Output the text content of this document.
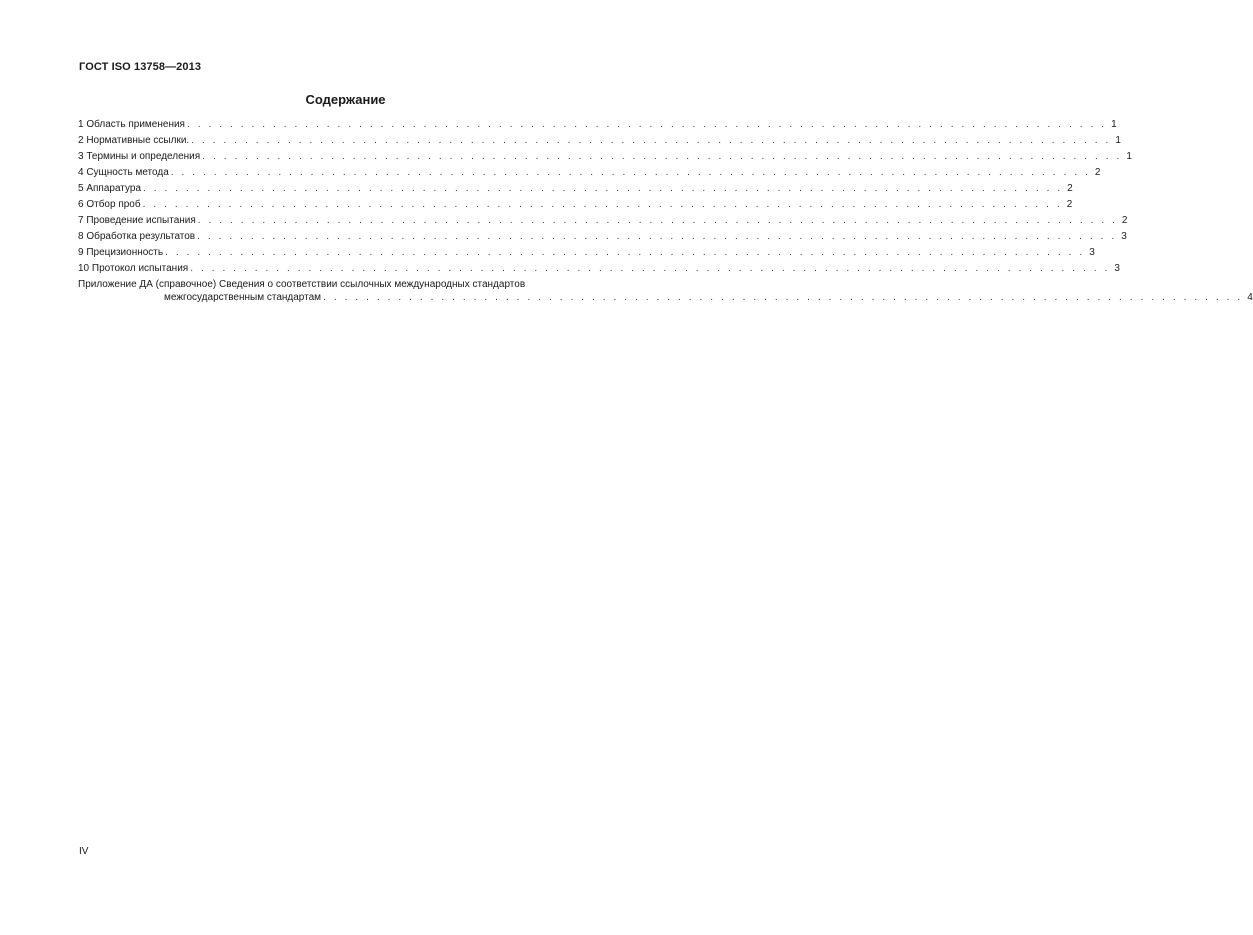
ГОСТ ISO 13758—2013
Содержание
1 Область применения . . . . . . . . . . . . . . . . . . . . . . . . . . . . . . . . . . . . . . . . . . . . . . . . . . . . . . . . . . . . . . . . . . . . . . . . . . . . . . . . . . . . . . 1
2 Нормативные ссылки. . . . . . . . . . . . . . . . . . . . . . . . . . . . . . . . . . . . . . . . . . . . . . . . . . . . . . . . . . . . . . . . . . . . . . . . . . . . . . . . . . . . . . . 1
3 Термины и определения . . . . . . . . . . . . . . . . . . . . . . . . . . . . . . . . . . . . . . . . . . . . . . . . . . . . . . . . . . . . . . . . . . . . . . . . . . . . . . . . . . . . . . 1
4 Сущность метода . . . . . . . . . . . . . . . . . . . . . . . . . . . . . . . . . . . . . . . . . . . . . . . . . . . . . . . . . . . . . . . . . . . . . . . . . . . . . . . . . . . . . . 2
5 Аппаратура . . . . . . . . . . . . . . . . . . . . . . . . . . . . . . . . . . . . . . . . . . . . . . . . . . . . . . . . . . . . . . . . . . . . . . . . . . . . . . . . . . . . . . 2
6 Отбор проб . . . . . . . . . . . . . . . . . . . . . . . . . . . . . . . . . . . . . . . . . . . . . . . . . . . . . . . . . . . . . . . . . . . . . . . . . . . . . . . . . . . . . . 2
7 Проведение испытания . . . . . . . . . . . . . . . . . . . . . . . . . . . . . . . . . . . . . . . . . . . . . . . . . . . . . . . . . . . . . . . . . . . . . . . . . . . . . . . . . . . . . . 2
8 Обработка результатов . . . . . . . . . . . . . . . . . . . . . . . . . . . . . . . . . . . . . . . . . . . . . . . . . . . . . . . . . . . . . . . . . . . . . . . . . . . . . . . . . . . . . . 3
9 Прецизионность . . . . . . . . . . . . . . . . . . . . . . . . . . . . . . . . . . . . . . . . . . . . . . . . . . . . . . . . . . . . . . . . . . . . . . . . . . . . . . . . . . . . . . 3
10 Протокол испытания . . . . . . . . . . . . . . . . . . . . . . . . . . . . . . . . . . . . . . . . . . . . . . . . . . . . . . . . . . . . . . . . . . . . . . . . . . . . . . . . . . . . . . 3
Приложение ДА (справочное) Сведения о соответствии ссылочных международных стандартов
межгосударственным стандартам . . . . . . . . . . . . . . . . . . . . . . . . . . . . . . . . . . . . . . . . . . . . . . . . . . . . . . . . . . . . . . . . . . . . . . . . . . . . . . . . . . . . . . 4
IV
